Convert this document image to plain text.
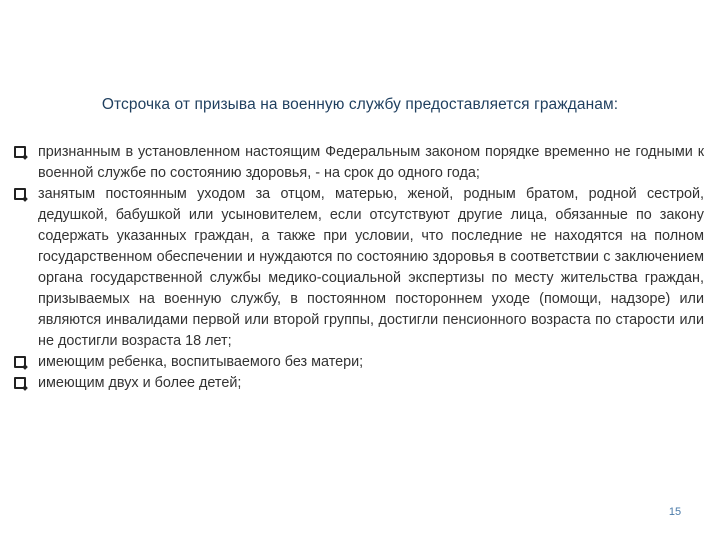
Отсрочка от призыва на военную службу предоставляется гражданам:
признанным в установленном настоящим Федеральным законом порядке временно не годными к военной службе по состоянию здоровья, - на срок до одного года;
занятым постоянным уходом за отцом, матерью, женой, родным братом, родной сестрой, дедушкой, бабушкой или усыновителем, если отсутствуют другие лица, обязанные по закону содержать указанных граждан, а также при условии, что последние не находятся на полном государственном обеспечении и нуждаются по состоянию здоровья в соответствии с заключением органа государственной службы медико-социальной экспертизы по месту жительства граждан, призываемых на военную службу, в постоянном постороннем уходе (помощи, надзоре) или являются инвалидами первой или второй группы, достигли пенсионного возраста по старости или не достигли возраста 18 лет;
имеющим ребенка, воспитываемого без матери;
имеющим двух и более детей;
15
